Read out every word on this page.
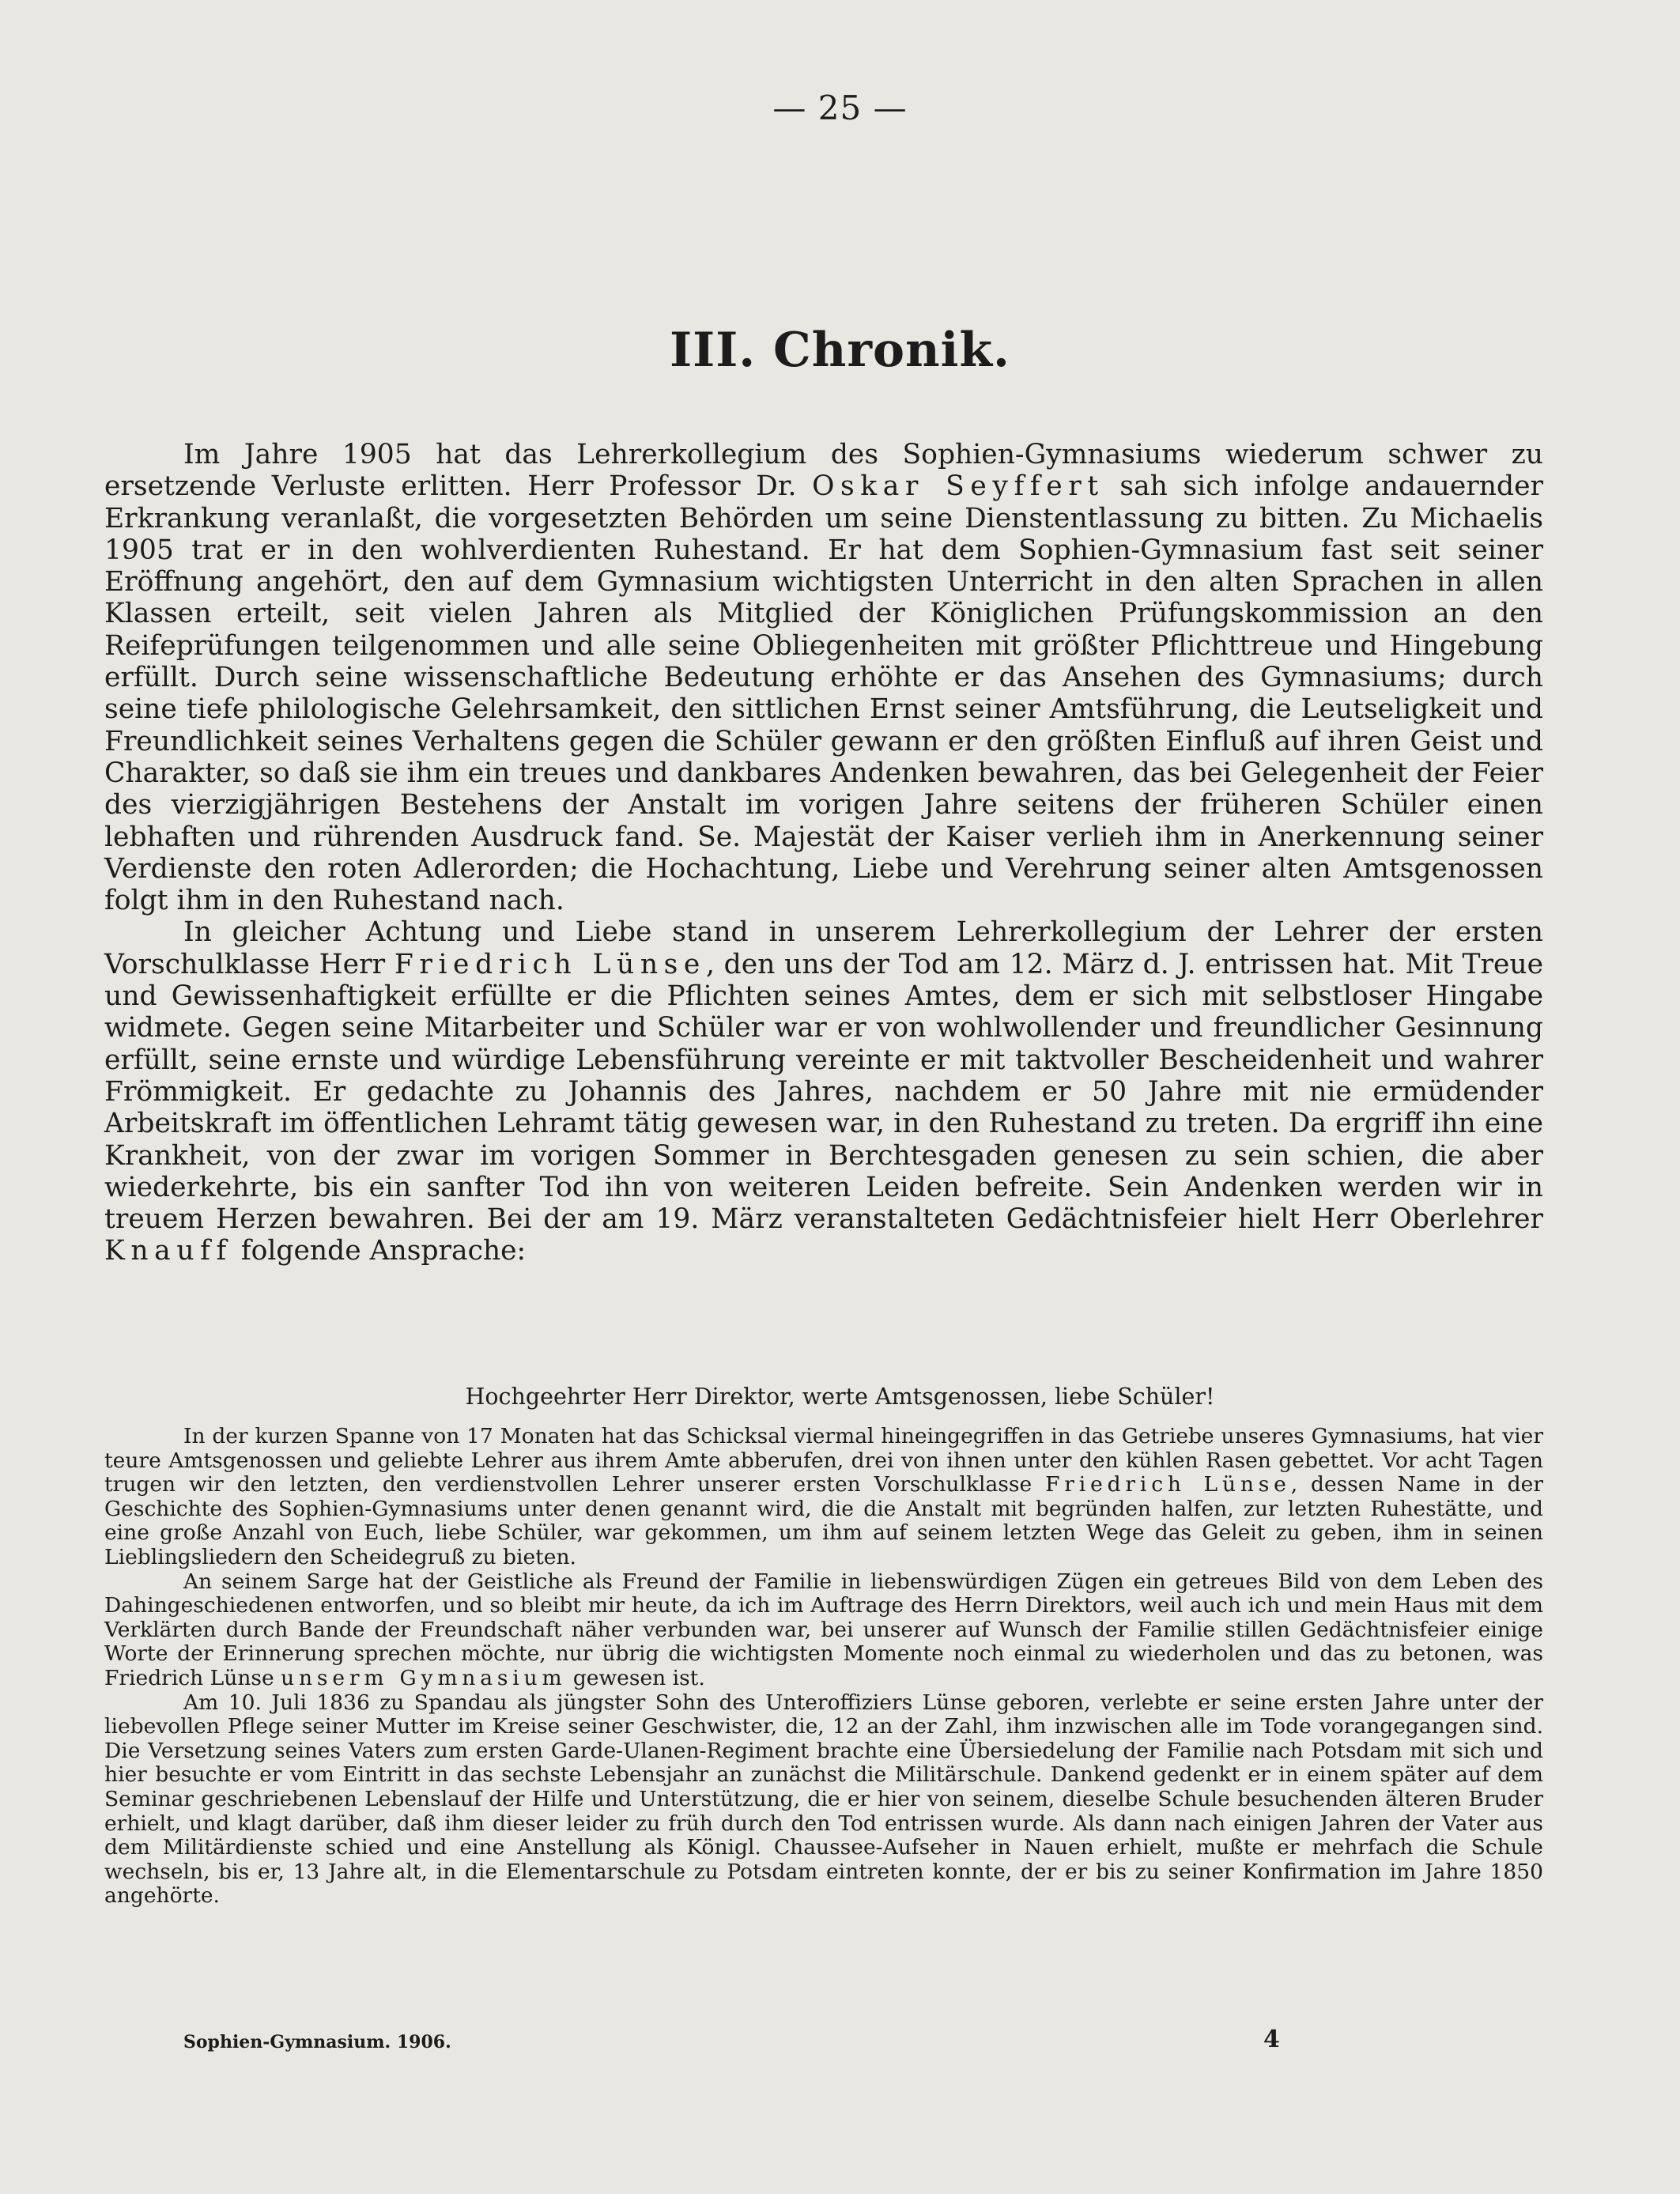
— 25 —
III. Chronik.

Im Jahre 1905 hat das Lehrerkollegium des Sophien-Gymnasiums wiederum schwer zu ersetzende Verluste erlitten. Herr Professor Dr. Oskar Seyffert sah sich infolge andauernder Erkrankung veranlaßt, die vorgesetzten Behörden um seine Dienstentlassung zu bitten. Zu Michaelis 1905 trat er in den wohlverdienten Ruhestand. Er hat dem Sophien-Gymnasium fast seit seiner Eröffnung angehört, den auf dem Gymnasium wichtigsten Unterricht in den alten Sprachen in allen Klassen erteilt, seit vielen Jahren als Mitglied der Königlichen Prüfungskommission an den Reifeprüfungen teilgenommen und alle seine Obliegenheiten mit größter Pflichttreue und Hingebung erfüllt. Durch seine wissenschaftliche Bedeutung erhöhte er das Ansehen des Gymnasiums; durch seine tiefe philologische Gelehrsamkeit, den sittlichen Ernst seiner Amtsführung, die Leutseligkeit und Freundlichkeit seines Verhaltens gegen die Schüler gewann er den größten Einfluß auf ihren Geist und Charakter, so daß sie ihm ein treues und dankbares Andenken bewahren, das bei Gelegenheit der Feier des vierzigjährigen Bestehens der Anstalt im vorigen Jahre seitens der früheren Schüler einen lebhaften und rührenden Ausdruck fand. Se. Majestät der Kaiser verlieh ihm in Anerkennung seiner Verdienste den roten Adlerorden; die Hochachtung, Liebe und Verehrung seiner alten Amtsgenossen folgt ihm in den Ruhestand nach.

In gleicher Achtung und Liebe stand in unserem Lehrerkollegium der Lehrer der ersten Vorschulklasse Herr Friedrich Lünse, den uns der Tod am 12. März d. J. entrissen hat. Mit Treue und Gewissenhaftigkeit erfüllte er die Pflichten seines Amtes, dem er sich mit selbstloser Hingabe widmete. Gegen seine Mitarbeiter und Schüler war er von wohlwollender und freundlicher Gesinnung erfüllt, seine ernste und würdige Lebensführung vereinte er mit taktvoller Bescheidenheit und wahrer Frömmigkeit. Er gedachte zu Johannis des Jahres, nachdem er 50 Jahre mit nie ermüdender Arbeitskraft im öffentlichen Lehramt tätig gewesen war, in den Ruhestand zu treten. Da ergriff ihn eine Krankheit, von der zwar im vorigen Sommer in Berchtesgaden genesen zu sein schien, die aber wiederkehrte, bis ein sanfter Tod ihn von weiteren Leiden befreite. Sein Andenken werden wir in treuem Herzen bewahren. Bei der am 19. März veranstalteten Gedächtnisfeier hielt Herr Oberlehrer Knauff folgende Ansprache:

Hochgeehrter Herr Direktor, werte Amtsgenossen, liebe Schüler!

In der kurzen Spanne von 17 Monaten hat das Schicksal viermal hineingegriffen in das Getriebe unseres Gymnasiums, hat vier teure Amtsgenossen und geliebte Lehrer aus ihrem Amte abberufen, drei von ihnen unter den kühlen Rasen gebettet. Vor acht Tagen trugen wir den letzten, den verdienstvollen Lehrer unserer ersten Vorschulklasse Friedrich Lünse, dessen Name in der Geschichte des Sophien-Gymnasiums unter denen genannt wird, die die Anstalt mit begründen halfen, zur letzten Ruhestätte, und eine große Anzahl von Euch, liebe Schüler, war gekommen, um ihm auf seinem letzten Wege das Geleit zu geben, ihm in seinen Lieblingsliedern den Scheidegruß zu bieten.

An seinem Sarge hat der Geistliche als Freund der Familie in liebenswürdigen Zügen ein getreues Bild von dem Leben des Dahingeschiedenen entworfen, und so bleibt mir heute, da ich im Auftrage des Herrn Direktors, weil auch ich und mein Haus mit dem Verklärten durch Bande der Freundschaft näher verbunden war, bei unserer auf Wunsch der Familie stillen Gedächtnisfeier einige Worte der Erinnerung sprechen möchte, nur übrig die wichtigsten Momente noch einmal zu wiederholen und das zu betonen, was Friedrich Lünse unserm Gymnasium gewesen ist.

Am 10. Juli 1836 zu Spandau als jüngster Sohn des Unteroffiziers Lünse geboren, verlebte er seine ersten Jahre unter der liebevollen Pflege seiner Mutter im Kreise seiner Geschwister, die, 12 an der Zahl, ihm inzwischen alle im Tode vorangegangen sind. Die Versetzung seines Vaters zum ersten Garde-Ulanen-Regiment brachte eine Übersiedelung der Familie nach Potsdam mit sich und hier besuchte er vom Eintritt in das sechste Lebensjahr an zunächst die Militärschule. Dankend gedenkt er in einem später auf dem Seminar geschriebenen Lebenslauf der Hilfe und Unterstützung, die er hier von seinem, dieselbe Schule besuchenden älteren Bruder erhielt, und klagt darüber, daß ihm dieser leider zu früh durch den Tod entrissen wurde. Als dann nach einigen Jahren der Vater aus dem Militärdienste schied und eine Anstellung als Königl. Chaussee-Aufseher in Nauen erhielt, mußte er mehrfach die Schule wechseln, bis er, 13 Jahre alt, in die Elementarschule zu Potsdam eintreten konnte, der er bis zu seiner Konfirmation im Jahre 1850 angehörte.

Sophien-Gymnasium. 1906.	4
